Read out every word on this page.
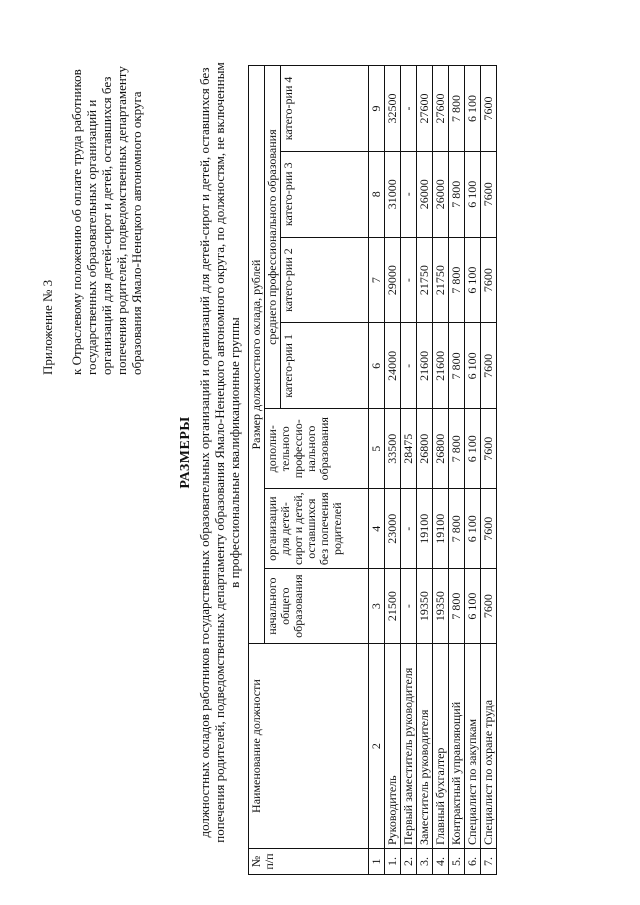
Приложение № 3 к Отраслевому положению об оплате труда работников государственных образовательных организаций и организаций для детей-сирот и детей, оставшихся без попечения родителей, подведомственных департаменту образования Ямало-Ненецкого автономного округа
РАЗМЕРЫ должностных окладов работников государственных образовательных организаций и организаций для детей-сирот и детей, оставшихся без попечения родителей, подведомственных департаменту образования Ямало-Ненецкого автономного округа, по должностям, не включенным в профессиональные квалификационные группы
№ п/п	Наименование должности	Размер должностного оклада, рублей						
		начального общего образования	организации для детей-сирот и детей, оставшихся без попечения родителей	дополни-тельного профессио-нального образования	среднего профессионального образования			
					катего-рии 1	катего-рии 2	катего-рии 3	катего-рии 4
1	2	3	4	5	6	7	8	9
1.	Руководитель	21500	23000	33500	24000	29000	31000	32500
2.	Первый заместитель руководителя	-	-	28475	-	-	-	-
3.	Заместитель руководителя	19350	19100	26800	21600	21750	26000	27600
4.	Главный бухгалтер	19350	19100	26800	21600	21750	26000	27600
5.	Контрактный управляющий	7 800	7 800	7 800	7 800	7 800	7 800	7 800
6.	Специалист по закупкам	6 100	6 100	6 100	6 100	6 100	6 100	6 100
7.	Специалист по охране труда	7600	7600	7600	7600	7600	7600	7600
